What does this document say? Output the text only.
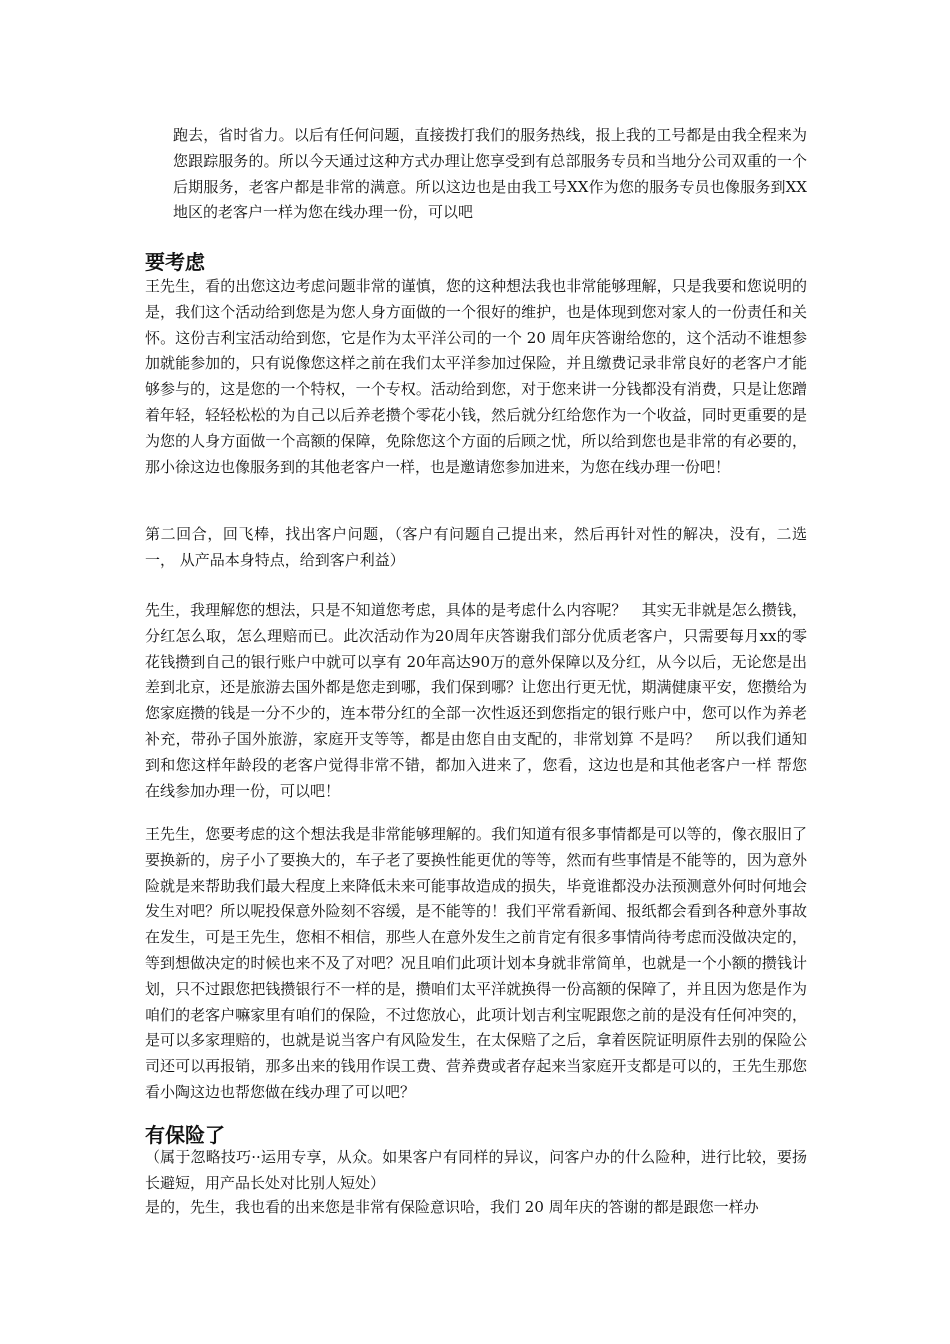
跑去，省时省力。以后有任何问题，直接拨打我们的服务热线，报上我的工号都是由我全程来为您跟踪服务的。所以今天通过这种方式办理让您享受到有总部服务专员和当地分公司双重的一个后期服务，老客户都是非常的满意。所以这边也是由我工号XX作为您的服务专员也像服务到XX地区的老客户一样为您在线办理一份，可以吧

要考虑

王先生，看的出您这边考虑问题非常的谨慎，您的这种想法我也非常能够理解，只是我要和您说明的是，我们这个活动给到您是为您人身方面做的一个很好的维护，也是体现到您对家人的一份责任和关怀。这份吉利宝活动给到您，它是作为太平洋公司的一个 20 周年庆答谢给您的，这个活动不谁想参加就能参加的，只有说像您这样之前在我们太平洋参加过保险，并且缴费记录非常良好的老客户才能够参与的，这是您的一个特权，一个专权。活动给到您，对于您来讲一分钱都没有消费，只是让您蹭着年轻，轻轻松松的为自己以后养老攒个零花小钱，然后就分红给您作为一个收益，同时更重要的是为您的人身方面做一个高额的保障，免除您这个方面的后顾之忧，所以给到您也是非常的有必要的，那小徐这边也像服务到的其他老客户一样，也是邀请您参加进来，为您在线办理一份吧！

第二回合，回飞棒，找出客户问题，（客户有问题自己提出来，然后再针对性的解决，没有，二选一， 从产品本身特点，给到客户利益）

先生，我理解您的想法，只是不知道您考虑，具体的是考虑什么内容呢？　其实无非就是怎么攒钱，分红怎么取，怎么理赔而已。此次活动作为20周年庆答谢我们部分优质老客户，只需要每月xx的零花钱攒到自己的银行账户中就可以享有 20年高达90万的意外保障以及分红，从今以后，无论您是出差到北京，还是旅游去国外都是您走到哪，我们保到哪？让您出行更无忧，期满健康平安，您攒给为您家庭攒的钱是一分不少的，连本带分红的全部一次性返还到您指定的银行账户中，您可以作为养老补充，带孙子国外旅游，家庭开支等等，都是由您自由支配的，非常划算 不是吗？　所以我们通知到和您这样年龄段的老客户觉得非常不错，都加入进来了，您看，这边也是和其他老客户一样 帮您在线参加办理一份，可以吧！

王先生，您要考虑的这个想法我是非常能够理解的。我们知道有很多事情都是可以等的，像衣服旧了要换新的，房子小了要换大的，车子老了要换性能更优的等等，然而有些事情是不能等的，因为意外险就是来帮助我们最大程度上来降低未来可能事故造成的损失，毕竟谁都没办法预测意外何时何地会发生对吧？所以呢投保意外险刻不容缓，是不能等的！我们平常看新闻、报纸都会看到各种意外事故在发生，可是王先生，您相不相信，那些人在意外发生之前肯定有很多事情尚待考虑而没做决定的，等到想做决定的时候也来不及了对吧？况且咱们此项计划本身就非常简单，也就是一个小额的攒钱计划，只不过跟您把钱攒银行不一样的是，攒咱们太平洋就换得一份高额的保障了，并且因为您是作为咱们的老客户嘛家里有咱们的保险，不过您放心，此项计划吉利宝呢跟您之前的是没有任何冲突的，是可以多家理赔的，也就是说当客户有风险发生，在太保赔了之后，拿着医院证明原件去别的保险公司还可以再报销，那多出来的钱用作误工费、营养费或者存起来当家庭开支都是可以的，王先生那您看小陶这边也帮您做在线办理了可以吧？

有保险了

（属于忽略技巧··运用专享，从众。如果客户有同样的异议，问客户办的什么险种，进行比较，要扬长避短，用产品长处对比别人短处）

是的，先生，我也看的出来您是非常有保险意识哈，我们 20 周年庆的答谢的都是跟您一样办
